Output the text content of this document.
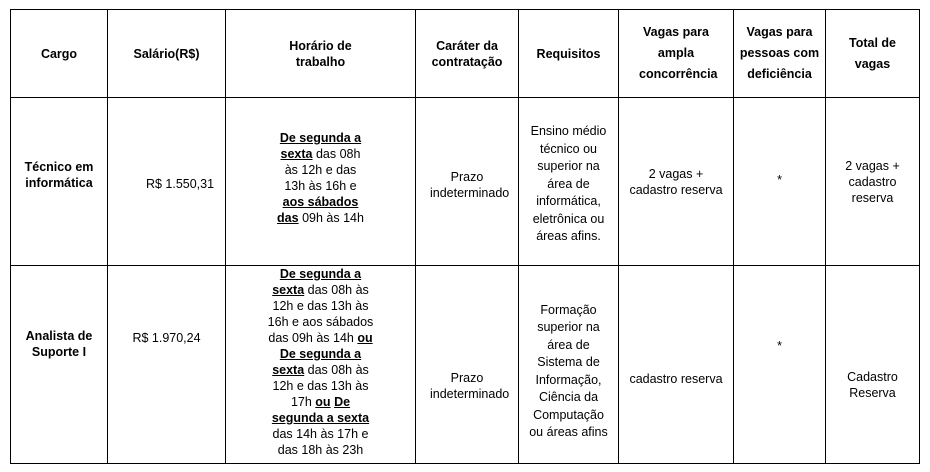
Cargo	Salário(R$)	Horário de trabalho	Caráter da contratação	Requisitos	Vagas para ampla concorrência	Vagas para pessoas com deficiência	Total de vagas
Técnico em informática	R$ 1.550,31	De segunda a sexta das 08h às 12h e das 13h às 16h e aos sábados das 09h às 14h	Prazo indeterminado	Ensino médio técnico ou superior na área de informática, eletrônica ou áreas afins.	2 vagas + cadastro reserva	*	2 vagas + cadastro reserva
Analista de Suporte I	R$ 1.970,24	De segunda a sexta das 08h às 12h e das 13h às 16h e aos sábados das 09h às 14h ou De segunda a sexta das 08h às 12h e das 13h às 17h ou De segunda a sexta das 14h às 17h e das 18h às 23h	Prazo indeterminado	Formação superior na área de Sistema de Informação, Ciência da Computação ou áreas afins	cadastro reserva	*	Cadastro Reserva
